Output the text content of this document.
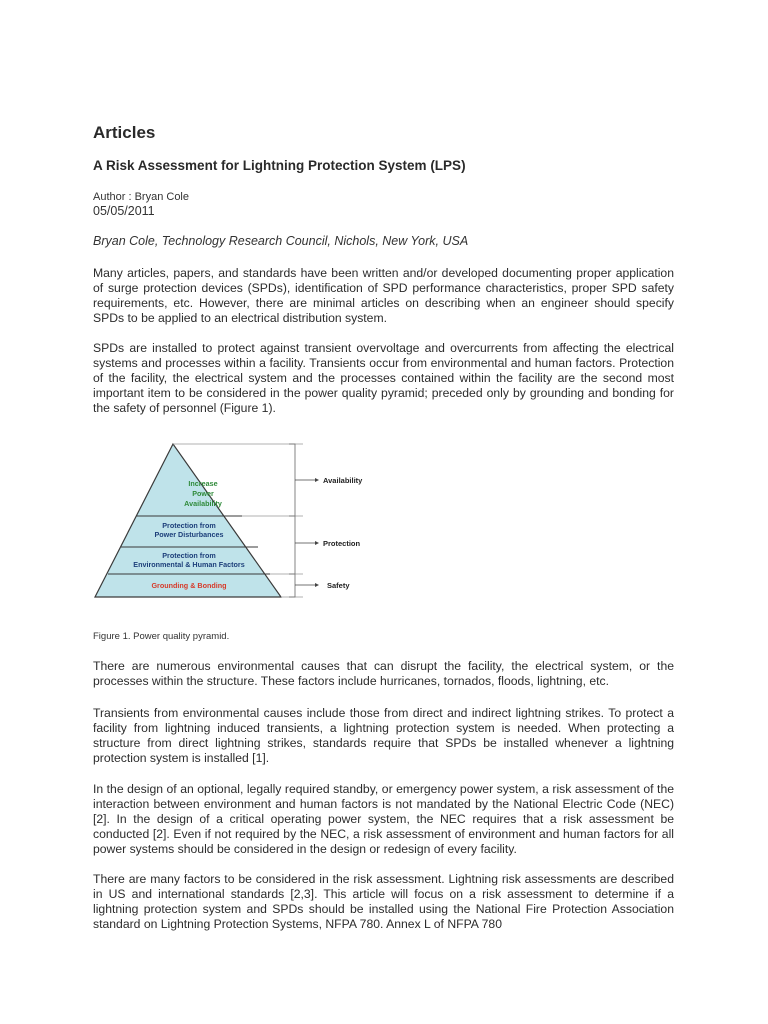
Articles
A Risk Assessment for Lightning Protection System (LPS)
Author : Bryan Cole
05/05/2011
Bryan Cole, Technology Research Council, Nichols, New York, USA

Many articles, papers, and standards have been written and/or developed documenting proper application of surge protection devices (SPDs), identification of SPD performance characteristics, proper SPD safety requirements, etc. However, there are minimal articles on describing when an engineer should specify SPDs to be applied to an electrical distribution system.

SPDs are installed to protect against transient overvoltage and overcurrents from affecting the electrical systems and processes within a facility. Transients occur from environmental and human factors. Protection of the facility, the electrical system and the processes contained within the facility are the second most important item to be considered in the power quality pyramid; preceded only by grounding and bonding for the safety of personnel (Figure 1).

Figure 1. Power quality pyramid.

There are numerous environmental causes that can disrupt the facility, the electrical system, or the processes within the structure. These factors include hurricanes, tornados, floods, lightning, etc.

Transients from environmental causes include those from direct and indirect lightning strikes. To protect a facility from lightning induced transients, a lightning protection system is needed. When protecting a structure from direct lightning strikes, standards require that SPDs be installed whenever a lightning protection system is installed [1].

In the design of an optional, legally required standby, or emergency power system, a risk assessment of the interaction between environment and human factors is not mandated by the National Electric Code (NEC) [2]. In the design of a critical operating power system, the NEC requires that a risk assessment be conducted [2]. Even if not required by the NEC, a risk assessment of environment and human factors for all power systems should be considered in the design or redesign of every facility.

There are many factors to be considered in the risk assessment. Lightning risk assessments are described in US and international standards [2,3]. This article will focus on a risk assessment to determine if a lightning protection system and SPDs should be installed using the National Fire Protection Association standard on Lightning Protection Systems, NFPA 780. Annex L of NFPA 780

Availability
Protection
Safety
Increase
Power
Availability
Protection from
Power Disturbances
Protection from
Environmental & Human Factors
Grounding & Bonding
